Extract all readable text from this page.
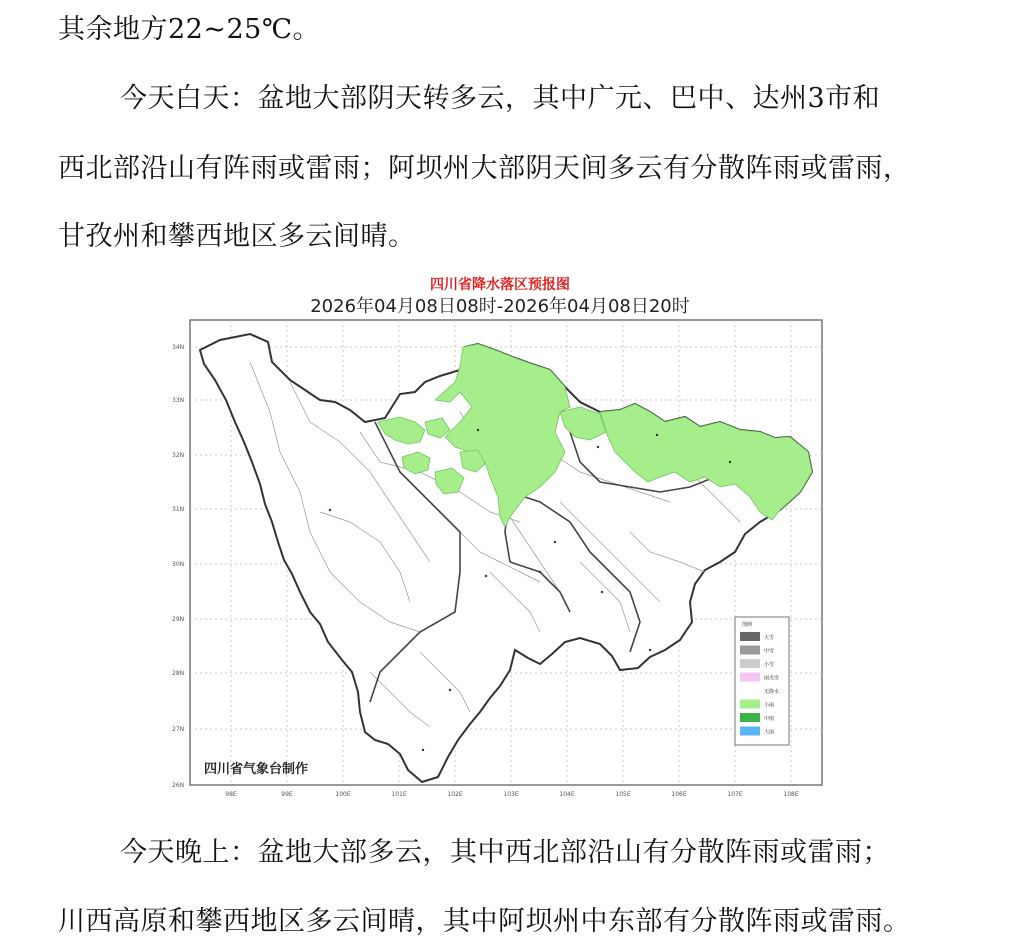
其余地方22~25℃。

今天白天：盆地大部阴天转多云，其中广元、巴中、达州3市和

西北部沿山有阵雨或雷雨；阿坝州大部阴天间多云有分散阵雨或雷雨，

甘孜州和攀西地区多云间晴。

四川省降水落区预报图
2026年04月08日08时-2026年04月08日20时
34N
33N
32N
31N
30N
29N
28N
27N
26N
98E	99E	100E	101E	102E	103E	104E	105E	106E	107E	108E
四川省气象台制作
图例
大雪
中雪
小雪
雨夹雪
无降水
小雨
中雨
大雨

今天晚上：盆地大部多云，其中西北部沿山有分散阵雨或雷雨；

川西高原和攀西地区多云间晴，其中阿坝州中东部有分散阵雨或雷雨。
